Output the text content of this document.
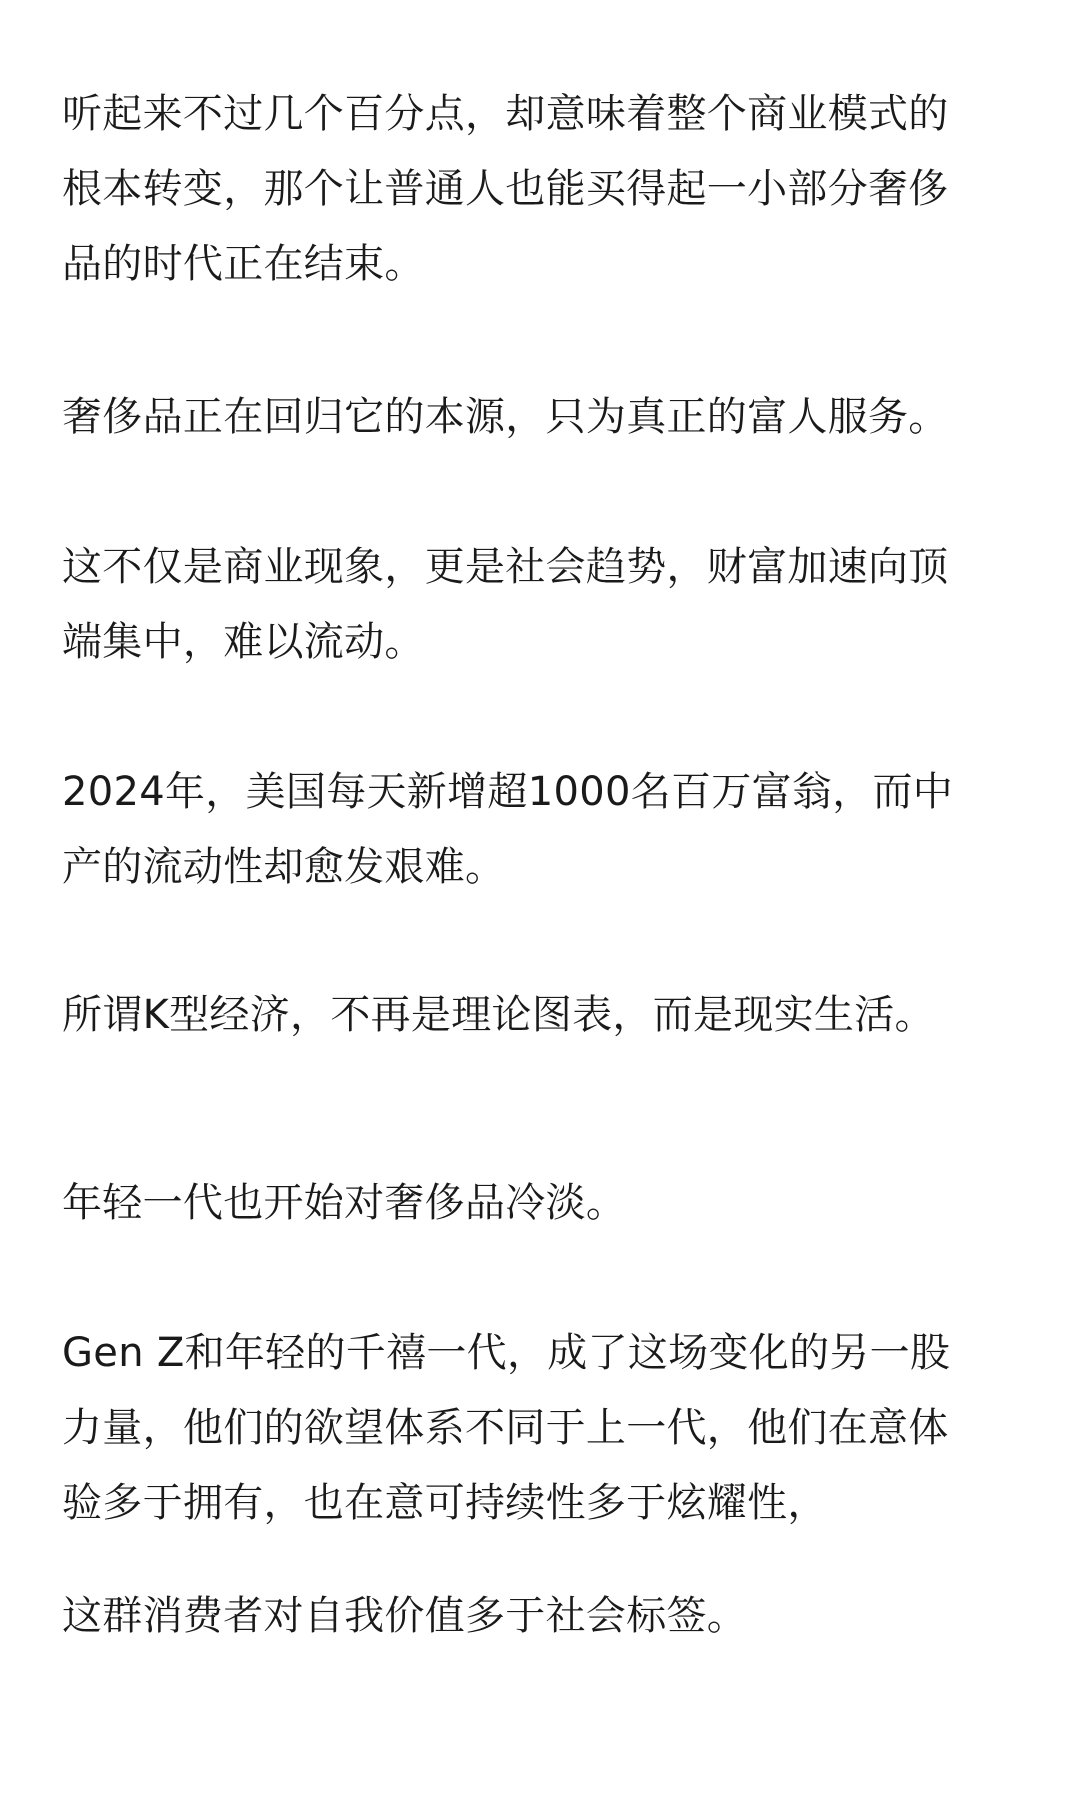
听起来不过几个百分点，却意味着整个商业模式的
根本转变，那个让普通人也能买得起一小部分奢侈
品的时代正在结束。

奢侈品正在回归它的本源，只为真正的富人服务。

这不仅是商业现象，更是社会趋势，财富加速向顶
端集中，难以流动。

2024年，美国每天新增超1000名百万富翁，而中
产的流动性却愈发艰难。

所谓K型经济，不再是理论图表，而是现实生活。

年轻一代也开始对奢侈品冷淡。

Gen Z和年轻的千禧一代，成了这场变化的另一股
力量，他们的欲望体系不同于上一代，他们在意体
验多于拥有，也在意可持续性多于炫耀性，

这群消费者对自我价值多于社会标签。
